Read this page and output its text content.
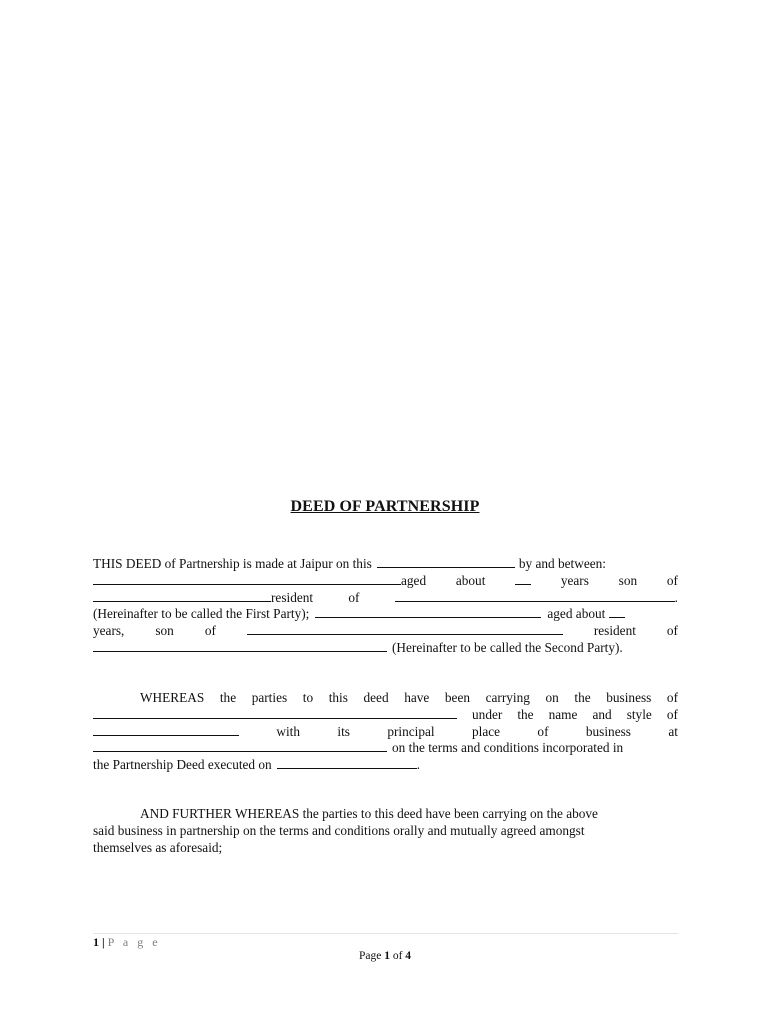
DEED OF PARTNERSHIP
THIS DEED of Partnership is made at Jaipur on this	by and between:
aged about	years son of
resident	of	.
(Hereinafter to be called the First Party);	aged about
years, son of	resident of
(Hereinafter to be called the Second Party).
WHEREAS the parties to this deed have been carrying on the business of
under the name and style of
with	its	principal	place	of	business	at
on the terms and conditions incorporated in
the Partnership Deed executed on	.
AND FURTHER WHEREAS the parties to this deed have been carrying on the above
said business in partnership on the terms and conditions orally and mutually agreed amongst
themselves as aforesaid;
1 | P a g e
Page 1 of 4
